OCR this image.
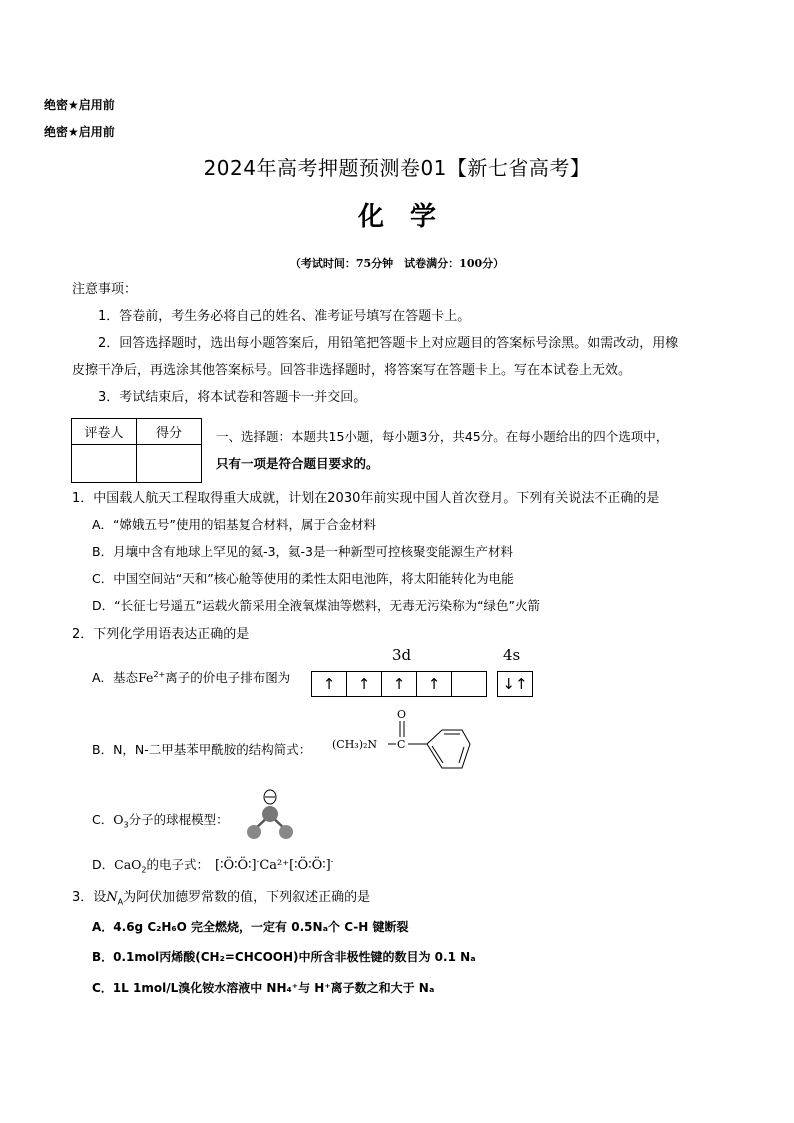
绝密★启用前
绝密★启用前
2024年高考押题预测卷01【新七省高考】
化学
（考试时间：75分钟　试卷满分：100分）
注意事项：
1．答卷前，考生务必将自己的姓名、准考证号填写在答题卡上。
2．回答选择题时，选出每小题答案后，用铅笔把答题卡上对应题目的答案标号涂黑。如需改动，用橡
皮擦干净后，再选涂其他答案标号。回答非选择题时，将答案写在答题卡上。写在本试卷上无效。
3．考试结束后，将本试卷和答题卡一并交回。
评卷人	得分
		一、选择题：本题共15小题，每小题3分，共45分。在每小题给出的四个选项中，
只有一项是符合题目要求的。
1．中国载人航天工程取得重大成就，计划在2030年前实现中国人首次登月。下列有关说法不正确的是
A．“嫦娥五号”使用的铝基复合材料，属于合金材料
B．月壤中含有地球上罕见的氦-3，氦-3是一种新型可控核聚变能源生产材料
C．中国空间站“天和”核心舱等使用的柔性太阳电池阵，将太阳能转化为电能
D．“长征七号遥五”运载火箭采用全液氧煤油等燃料，无毒无污染称为“绿色”火箭
2．下列化学用语表达正确的是
A．基态$Fe^{2+}$离子的价电子排布图为
3d	4s
↑ ↑ ↑ ↑	↓↑
B．N，N-二甲基苯甲酰胺的结构简式： (CH₃)₂N C
O
C．$O_3$分子的球棍模型：
D．CaO$_2$的电子式： [∶Ö∶Ö∶]-Ca²⁺[∶Ö∶Ö∶]-
3．设$N_A$为阿伏加德罗常数的值，下列叙述正确的是
A．4.6g C₂H₆O 完全燃烧，一定有 0.5Nₐ个 C-H 键断裂
B．0.1mol丙烯酸(CH₂=CHCOOH)中所含非极性键的数目为 0.1 Nₐ
C．1L 1mol/L溴化铵水溶液中 NH₄⁺与 H⁺离子数之和大于 Nₐ
